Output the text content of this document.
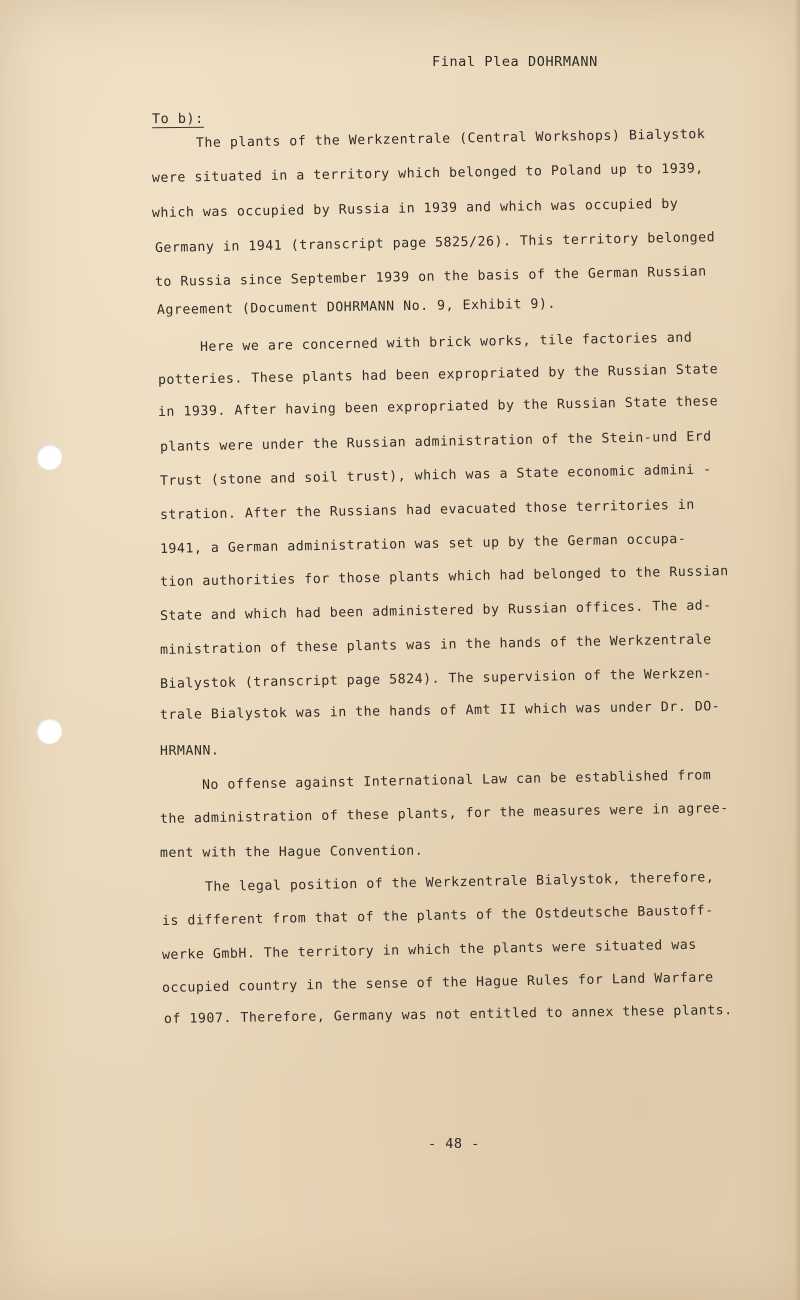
Final Plea DOHRMANN
To b):
The plants of the Werkzentrale (Central Workshops) Bialystok
were situated in a territory which belonged to Poland up to 1939,
which was occupied by Russia in 1939 and which was occupied by
Germany in 1941 (transcript page 5825/26). This territory belonged
to Russia since September 1939 on the basis of the German Russian
Agreement (Document DOHRMANN No. 9, Exhibit 9).
Here we are concerned with brick works, tile factories and
potteries. These plants had been expropriated by the Russian State
in 1939. After having been expropriated by the Russian State these
plants were under the Russian administration of the Stein-und Erd
Trust (stone and soil trust), which was a State economic admini -
stration. After the Russians had evacuated those territories in
1941, a German administration was set up by the German occupa-
tion authorities for those plants which had belonged to the Russian
State and which had been administered by Russian offices. The ad-
ministration of these plants was in the hands of the Werkzentrale
Bialystok (transcript page 5824). The supervision of the Werkzen-
trale Bialystok was in the hands of Amt II which was under Dr. DO-
HRMANN.
No offense against International Law can be established from
the administration of these plants, for the measures were in agree-
ment with the Hague Convention.
The legal position of the Werkzentrale Bialystok, therefore,
is different from that of the plants of the Ostdeutsche Baustoff-
werke GmbH. The territory in which the plants were situated was
occupied country in the sense of the Hague Rules for Land Warfare
of 1907. Therefore, Germany was not entitled to annex these plants.
- 48 -
